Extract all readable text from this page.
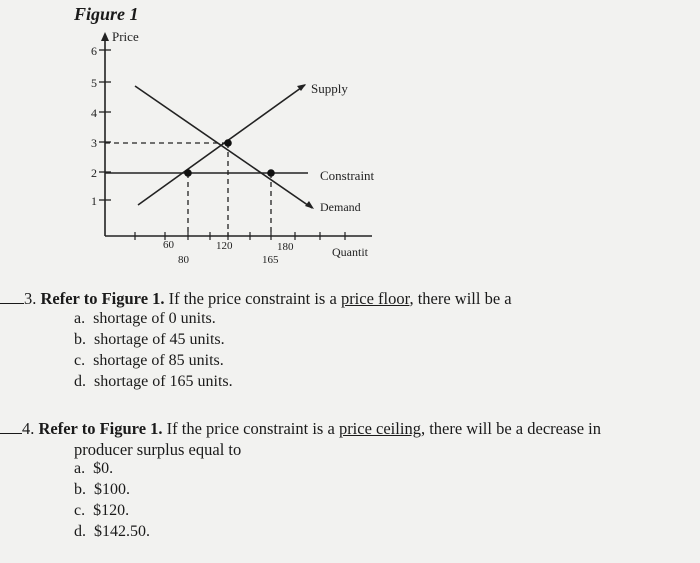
Figure 1
Price
Quantit
6
5
4
3
2
1
60
80
120
165
180
Supply
Constraint
Demand
3. Refer to Figure 1. If the price constraint is a price floor, there will be a
a. shortage of 0 units.
b. shortage of 45 units.
c. shortage of 85 units.
d. shortage of 165 units.
4. Refer to Figure 1. If the price constraint is a price ceiling, there will be a decrease in
producer surplus equal to
a. $0.
b. $100.
c. $120.
d. $142.50.
